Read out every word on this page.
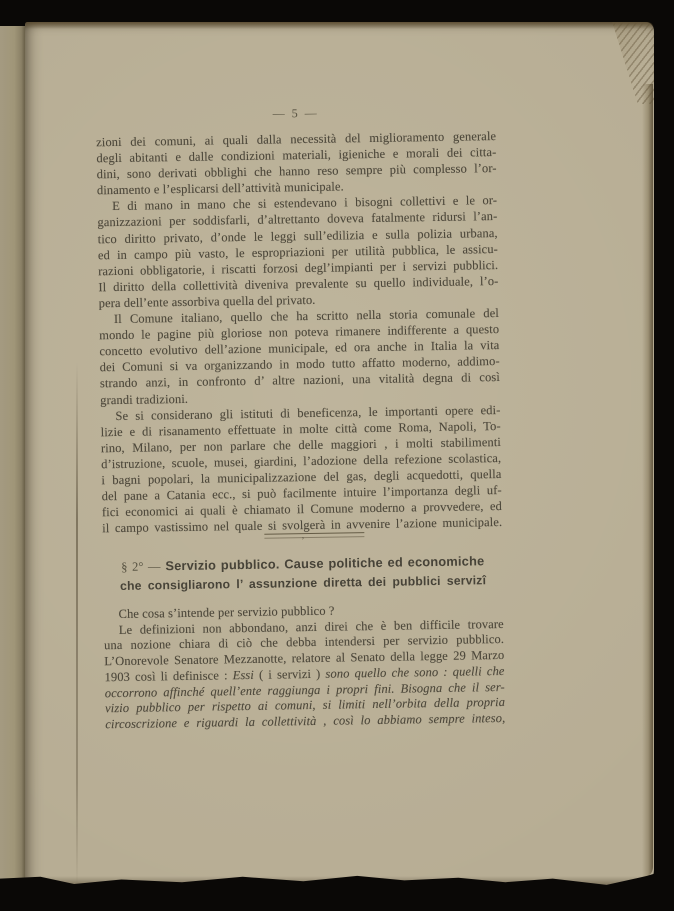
— 5 —
zioni dei comuni, ai quali dalla necessità del miglioramento generale
degli abitanti e dalle condizioni materiali, igieniche e morali dei citta-
dini, sono derivati obblighi che hanno reso sempre più complesso l’or-
dinamento e l’esplicarsi dell’attività municipale.
E di mano in mano che si estendevano i bisogni collettivi e le or-
ganizzazioni per soddisfarli, d’altrettanto doveva fatalmente ridursi l’an-
tico diritto privato, d’onde le leggi sull’edilizia e sulla polizia urbana,
ed in campo più vasto, le espropriazioni per utilità pubblica, le assicu-
razioni obbligatorie, i riscatti forzosi degl’impianti per i servizi pubblici.
Il diritto della collettività diveniva prevalente su quello individuale, l’o-
pera dell’ente assorbiva quella del privato.
Il Comune italiano, quello che ha scritto nella storia comunale del
mondo le pagine più gloriose non poteva rimanere indifferente a questo
concetto evolutivo dell’azione municipale, ed ora anche in Italia la vita
dei Comuni si va organizzando in modo tutto affatto moderno, addimo-
strando anzi, in confronto d’ altre nazioni, una vitalità degna di così
grandi tradizioni.
Se si considerano gli istituti di beneficenza, le importanti opere edi-
lizie e di risanamento effettuate in molte città come Roma, Napoli, To-
rino, Milano, per non parlare che delle maggiori , i molti stabilimenti
d’istruzione, scuole, musei, giardini, l’adozione della refezione scolastica,
i bagni popolari, la municipalizzazione del gas, degli acquedotti, quella
del pane a Catania ecc., si può facilmente intuire l’importanza degli uf-
fici economici ai quali è chiamato il Comune moderno a provvedere, ed
il campo vastissimo nel quale si svolgerà in avvenire l’azione municipale.
’
§ 2° — Servizio pubblico. Cause politiche ed economiche
che consigliarono l’ assunzione diretta dei pubblici servizî
Che cosa s’intende per servizio pubblico ?
Le definizioni non abbondano, anzi direi che è ben difficile trovare
una nozione chiara di ciò che debba intendersi per servizio pubblico.
L’Onorevole Senatore Mezzanotte, relatore al Senato della legge 29 Marzo
1903 così li definisce : Essi ( i servizi ) sono quello che sono : quelli che
occorrono affinché quell’ente raggiunga i propri fini. Bisogna che il ser-
vizio pubblico per rispetto ai comuni, si limiti nell’orbita della propria
circoscrizione e riguardi la collettività , così lo abbiamo sempre inteso,
